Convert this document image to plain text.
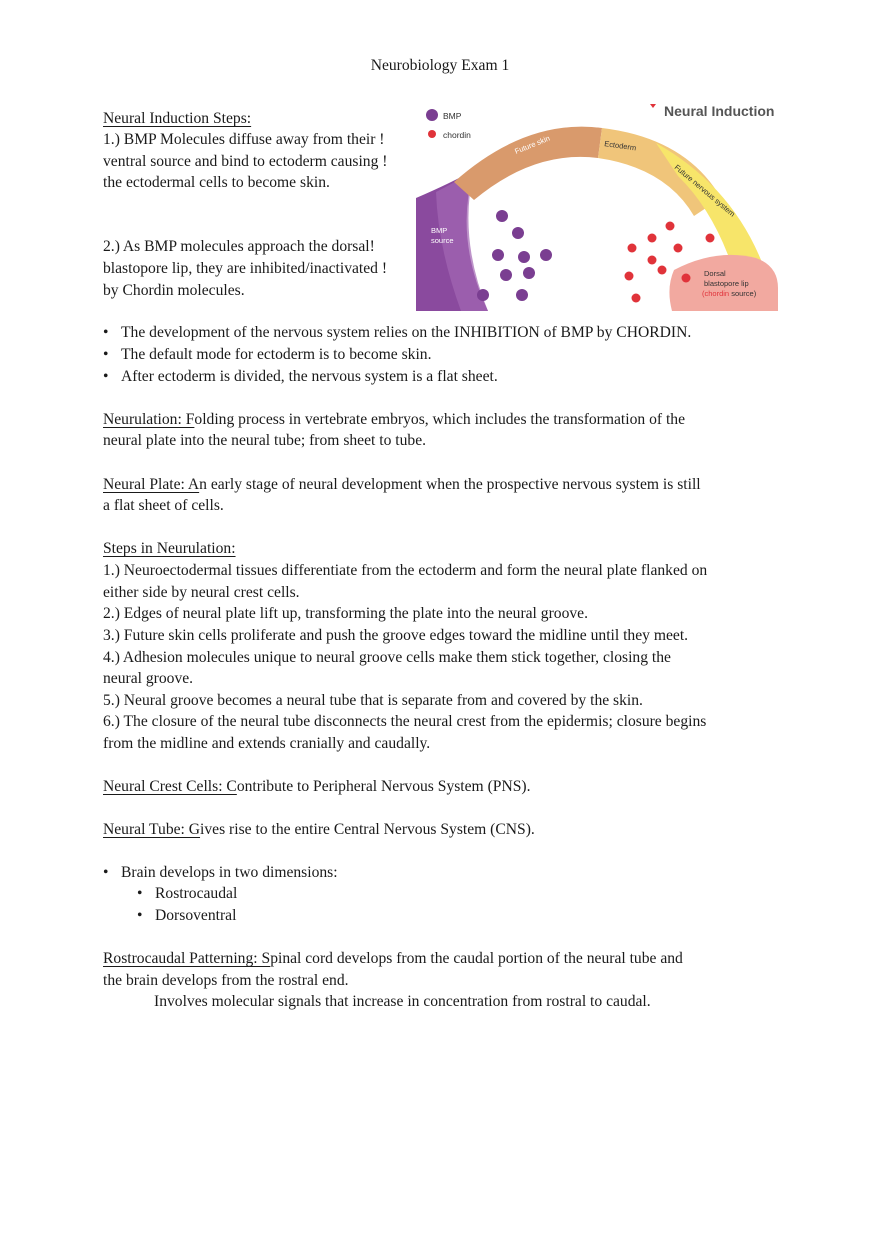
Neurobiology Exam 1
Neural Induction Steps:
1.) BMP Molecules diffuse away from their !
ventral source and bind to ectoderm causing !
the ectodermal cells to become skin.
2.) As BMP molecules approach the dorsal!
blastopore lip, they are inhibited/inactivated !
by Chordin molecules.
BMP
chordin
Neural Induction
BMP
source
Future skin	Ectoderm
Future nervous system
Dorsal
blastopore lip
(chordin source)
• The development of the nervous system relies on the INHIBITION of BMP by CHORDIN.
• The default mode for ectoderm is to become skin.
• After ectoderm is divided, the nervous system is a flat sheet.
Neurulation: Folding process in vertebrate embryos, which includes the transformation of the
neural plate into the neural tube; from sheet to tube.
Neural Plate: An early stage of neural development when the prospective nervous system is still
a flat sheet of cells.
Steps in Neurulation:
1.) Neuroectodermal tissues differentiate from the ectoderm and form the neural plate flanked on
either side by neural crest cells.
2.) Edges of neural plate lift up, transforming the plate into the neural groove.
3.) Future skin cells proliferate and push the groove edges toward the midline until they meet.
4.) Adhesion molecules unique to neural groove cells make them stick together, closing the
neural groove.
5.) Neural groove becomes a neural tube that is separate from and covered by the skin.
6.) The closure of the neural tube disconnects the neural crest from the epidermis; closure begins
from the midline and extends cranially and caudally.
Neural Crest Cells: Contribute to Peripheral Nervous System (PNS).
Neural Tube: Gives rise to the entire Central Nervous System (CNS).
• Brain develops in two dimensions:
• Rostrocaudal
• Dorsoventral
Rostrocaudal Patterning: Spinal cord develops from the caudal portion of the neural tube and
the brain develops from the rostral end.
Involves molecular signals that increase in concentration from rostral to caudal.
